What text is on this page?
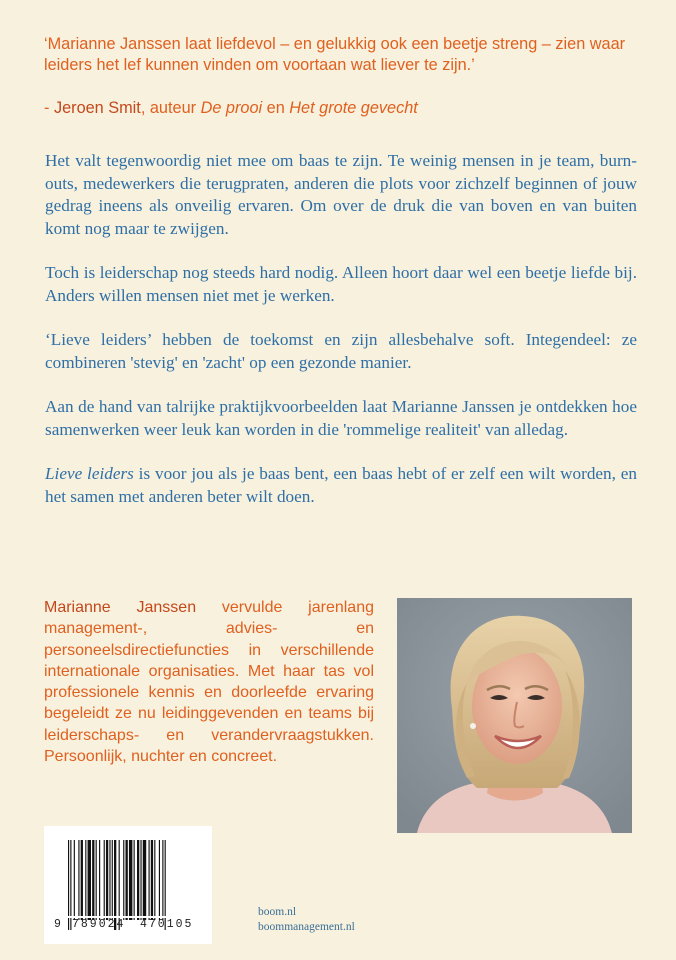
‘Marianne Janssen laat liefdevol – en gelukkig ook een beetje streng – zien waar leiders het lef kunnen vinden om voortaan wat liever te zijn.’

- Jeroen Smit, auteur De prooi en Het grote gevecht

Het valt tegenwoordig niet mee om baas te zijn. Te weinig mensen in je team, burn-outs, medewerkers die terugpraten, anderen die plots voor zichzelf beginnen of jouw gedrag ineens als onveilig ervaren. Om over de druk die van boven en van buiten komt nog maar te zwijgen.

Toch is leiderschap nog steeds hard nodig. Alleen hoort daar wel een beetje liefde bij. Anders willen mensen niet met je werken.

‘Lieve leiders’ hebben de toekomst en zijn allesbehalve soft. Integendeel: ze combineren 'stevig' en 'zacht' op een gezonde manier.

Aan de hand van talrijke praktijkvoorbeelden laat Marianne Janssen je ontdekken hoe samenwerken weer leuk kan worden in die 'rommelige realiteit' van alledag.

Lieve leiders is voor jou als je baas bent, een baas hebt of er zelf een wilt worden, en het samen met anderen beter wilt doen.

Marianne Janssen vervulde jarenlang management-, advies- en personeelsdirectiefuncties in verschillende internationale organisaties. Met haar tas vol professionele kennis en doorleefde ervaring begeleidt ze nu leidinggevenden en teams bij leiderschaps- en verandervraagstukken. Persoonlijk, nuchter en concreet.

9 789024 470105
boom.nl
boommanagement.nl
